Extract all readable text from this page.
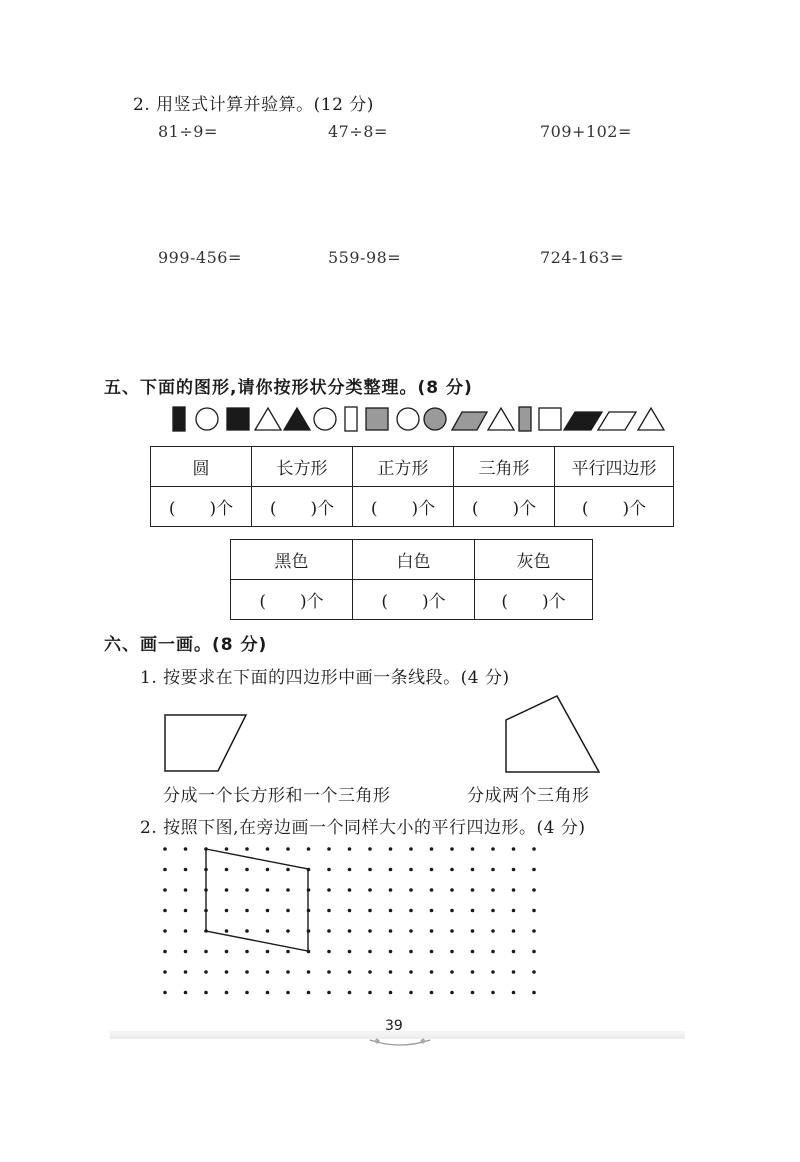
2. 用竖式计算并验算。(12 分)
81÷9=	47÷8=	709+102=
999-456=	559-98=	724-163=
五、下面的图形,请你按形状分类整理。(8 分)
圆	长方形	正方形	三角形	平行四边形
(　　)个	(　　)个	(　　)个	(　　)个	(　　)个
黑色	白色	灰色
(　　)个	(　　)个	(　　)个
六、画一画。(8 分)
1. 按要求在下面的四边形中画一条线段。(4 分)
分成一个长方形和一个三角形	分成两个三角形
2. 按照下图,在旁边画一个同样大小的平行四边形。(4 分)
39
